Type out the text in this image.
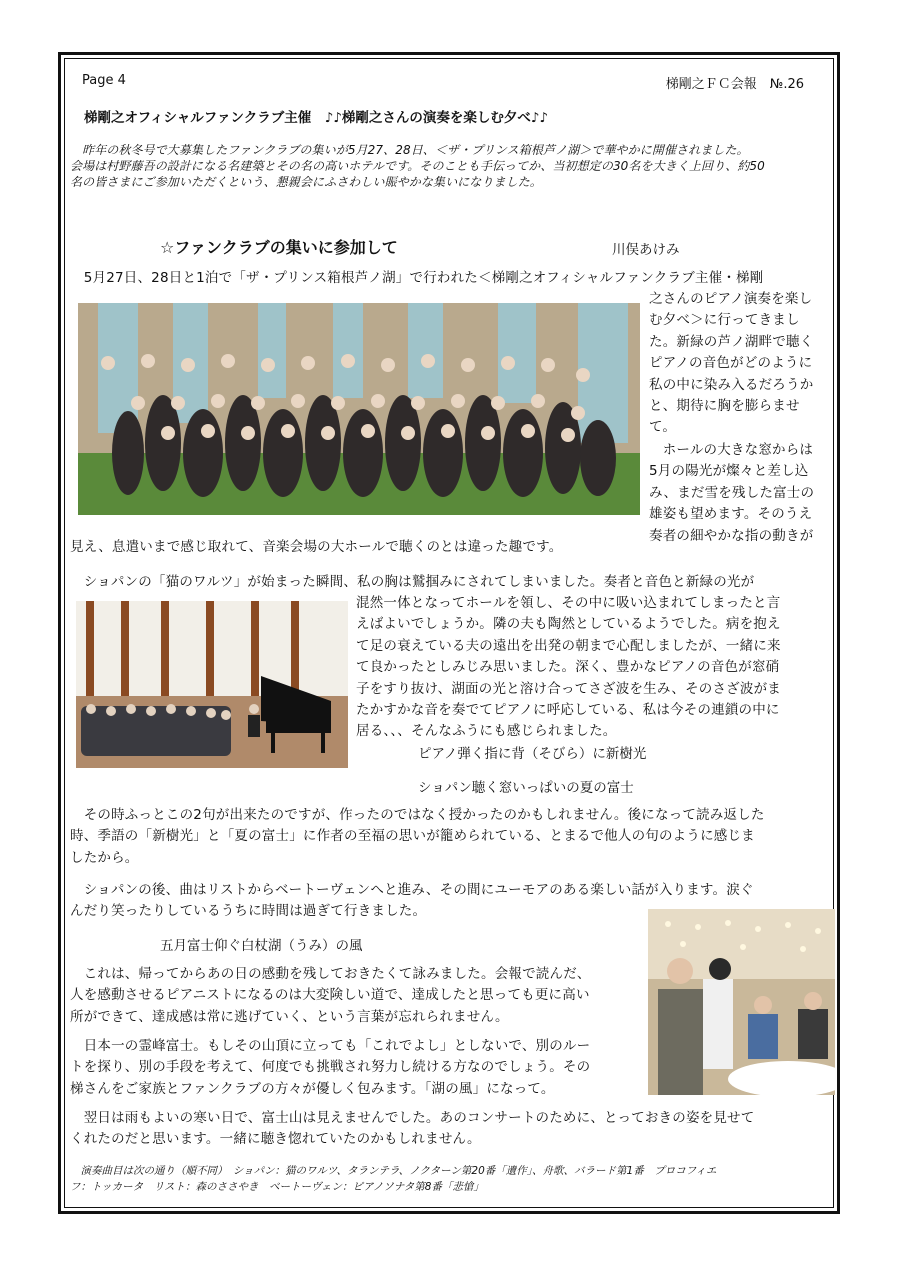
Page 4	梯剛之ＦＣ会報　№.26
梯剛之オフィシャルファンクラブ主催　♪♪梯剛之さんの演奏を楽しむ夕べ♪♪
　昨年の秋冬号で大募集したファンクラブの集いが5月27、28日、＜ザ・プリンス箱根芦ノ湖＞で華やかに開催されました。
会場は村野藤吾の設計になる名建築とその名の高いホテルです。そのことも手伝ってか、当初想定の30名を大きく上回り、約50
名の皆さまにご参加いただくという、懇親会にふさわしい賑やかな集いになりました。
☆ファンクラブの集いに参加して	川俣あけみ
　5月27日、28日と1泊で「ザ・プリンス箱根芦ノ湖」で行われた＜梯剛之オフィシャルファンクラブ主催・梯剛
之さんのピアノ演奏を楽し
む夕べ＞に行ってきまし
た。新緑の芦ノ湖畔で聴く
ピアノの音色がどのように
私の中に染み入るだろうか
と、期待に胸を膨らませ
て。
　ホールの大きな窓からは
5月の陽光が燦々と差し込
み、まだ雪を残した富士の
雄姿も望めます。そのうえ
奏者の細やかな指の動きが
見え、息遣いまで感じ取れて、音楽会場の大ホールで聴くのとは違った趣です。
　ショパンの「猫のワルツ」が始まった瞬間、私の胸は鷲掴みにされてしまいました。奏者と音色と新緑の光が
混然一体となってホールを領し、その中に吸い込まれてしまったと言
えばよいでしょうか。隣の夫も陶然としているようでした。病を抱え
て足の衰えている夫の遠出を出発の朝まで心配しましたが、一緒に来
て良かったとしみじみ思いました。深く、豊かなピアノの音色が窓硝
子をすり抜け、湖面の光と溶け合ってさざ波を生み、そのさざ波がま
たかすかな音を奏でてピアノに呼応している、私は今その連鎖の中に
居る、、、そんなふうにも感じられました。
ピアノ弾く指に背（そびら）に新樹光
ショパン聴く窓いっぱいの夏の富士
　その時ふっとこの2句が出来たのですが、作ったのではなく授かったのかもしれません。後になって読み返した
時、季語の「新樹光」と「夏の富士」に作者の至福の思いが籠められている、とまるで他人の句のように感じま
したから。
　ショパンの後、曲はリストからベートーヴェンへと進み、その間にユーモアのある楽しい話が入ります。涙ぐ
んだり笑ったりしているうちに時間は過ぎて行きました。
五月富士仰ぐ白杖湖（うみ）の風
　これは、帰ってからあの日の感動を残しておきたくて詠みました。会報で読んだ、
人を感動させるピアニストになるのは大変険しい道で、達成したと思っても更に高い
所ができて、達成感は常に逃げていく、という言葉が忘れられません。
　日本一の霊峰富士。もしその山頂に立っても「これでよし」としないで、別のルー
トを探り、別の手段を考えて、何度でも挑戦され努力し続ける方なのでしょう。その
梯さんをご家族とファンクラブの方々が優しく包みます。「湖の風」になって。
　翌日は雨もよいの寒い日で、富士山は見えませんでした。あのコンサートのために、とっておきの姿を見せて
くれたのだと思います。一緒に聴き惚れていたのかもしれません。
　演奏曲目は次の通り（順不同）　ショパン：猫のワルツ、タランテラ、ノクターン第20番「遺作」、舟歌、バラード第1番　プロコフィエ
フ：トッカータ　リスト：森のささやき　ベートーヴェン：ピアノソナタ第8番「悲愴」
